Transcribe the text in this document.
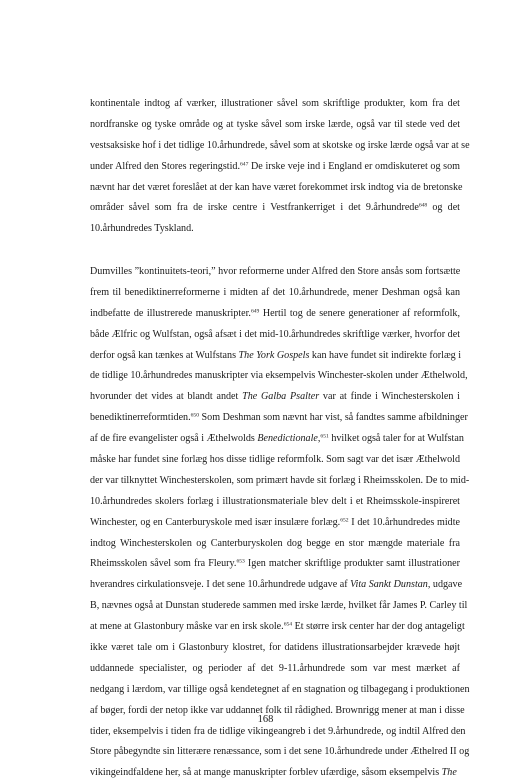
kontinentale indtog af værker, illustrationer såvel som skriftlige produkter, kom fra det
nordfranske og tyske område og at tyske såvel som irske lærde, også var til stede ved det
vestsaksiske hof i det tidlige 10.århundrede, såvel som at skotske og irske lærde også var at se
under Alfred den Stores regeringstid.$^{647}$ De irske veje ind i England er omdiskuteret og som
nævnt har det været foreslået at der kan have været forekommet irsk indtog via de bretonske
områder såvel som fra de irske centre i Vestfrankerriget i det 9.århundrede$^{648}$ og det
10.århundredes Tyskland.
Dumvilles ”kontinuitets-teori,” hvor reformerne under Alfred den Store ansås som fortsætte
frem til benediktinerreformerne i midten af det 10.århundrede, mener Deshman også kan
indbefatte de illustrerede manuskripter.$^{649}$ Hertil tog de senere generationer af reformfolk,
både Ælfric og Wulfstan, også afsæt i det mid-10.århundredes skriftlige værker, hvorfor det
derfor også kan tænkes at Wulfstans The York Gospels kan have fundet sit indirekte forlæg i
de tidlige 10.århundredes manuskripter via eksempelvis Winchester-skolen under Æthelwold,
hvorunder det vides at blandt andet The Galba Psalter var at finde i Winchesterskolen i
benediktinerreformtiden.$^{650}$ Som Deshman som nævnt har vist, så fandtes samme afbildninger
af de fire evangelister også i Æthelwolds Benedictionale,$^{651}$ hvilket også taler for at Wulfstan
måske har fundet sine forlæg hos disse tidlige reformfolk. Som sagt var det især Æthelwold
der var tilknyttet Winchesterskolen, som primært havde sit forlæg i Rheimsskolen. De to mid-
10.århundredes skolers forlæg i illustrationsmateriale blev delt i et Rheimsskole-inspireret
Winchester, og en Canterburyskole med især insulære forlæg.$^{652}$ I det 10.århundredes midte
indtog Winchesterskolen og Canterburyskolen dog begge en stor mængde materiale fra
Rheimsskolen såvel som fra Fleury.$^{653}$ Igen matcher skriftlige produkter samt illustrationer
hverandres cirkulationsveje. I det sene 10.århundrede udgave af Vita Sankt Dunstan, udgave
B, nævnes også at Dunstan studerede sammen med irske lærde, hvilket får James P. Carley til
at mene at Glastonbury måske var en irsk skole.$^{654}$ Et større irsk center har der dog antageligt
ikke været tale om i Glastonbury klostret, for datidens illustrationsarbejder krævede højt
uddannede specialister, og perioder af det 9-11.århundrede som var mest mærket af
nedgang i lærdom, var tillige også kendetegnet af en stagnation og tilbagegang i produktionen
af bøger, fordi der netop ikke var uddannet folk til rådighed. Brownrigg mener at man i disse
tider, eksempelvis i tiden fra de tidlige vikingeangreb i det 9.århundrede, og indtil Alfred den
Store påbegyndte sin litterære renæssance, som i det sene 10.århundrede under Æthelred II og
vikingeindfaldene her, så at mange manuskripter forblev ufærdige, såsom eksempelvis The
168
